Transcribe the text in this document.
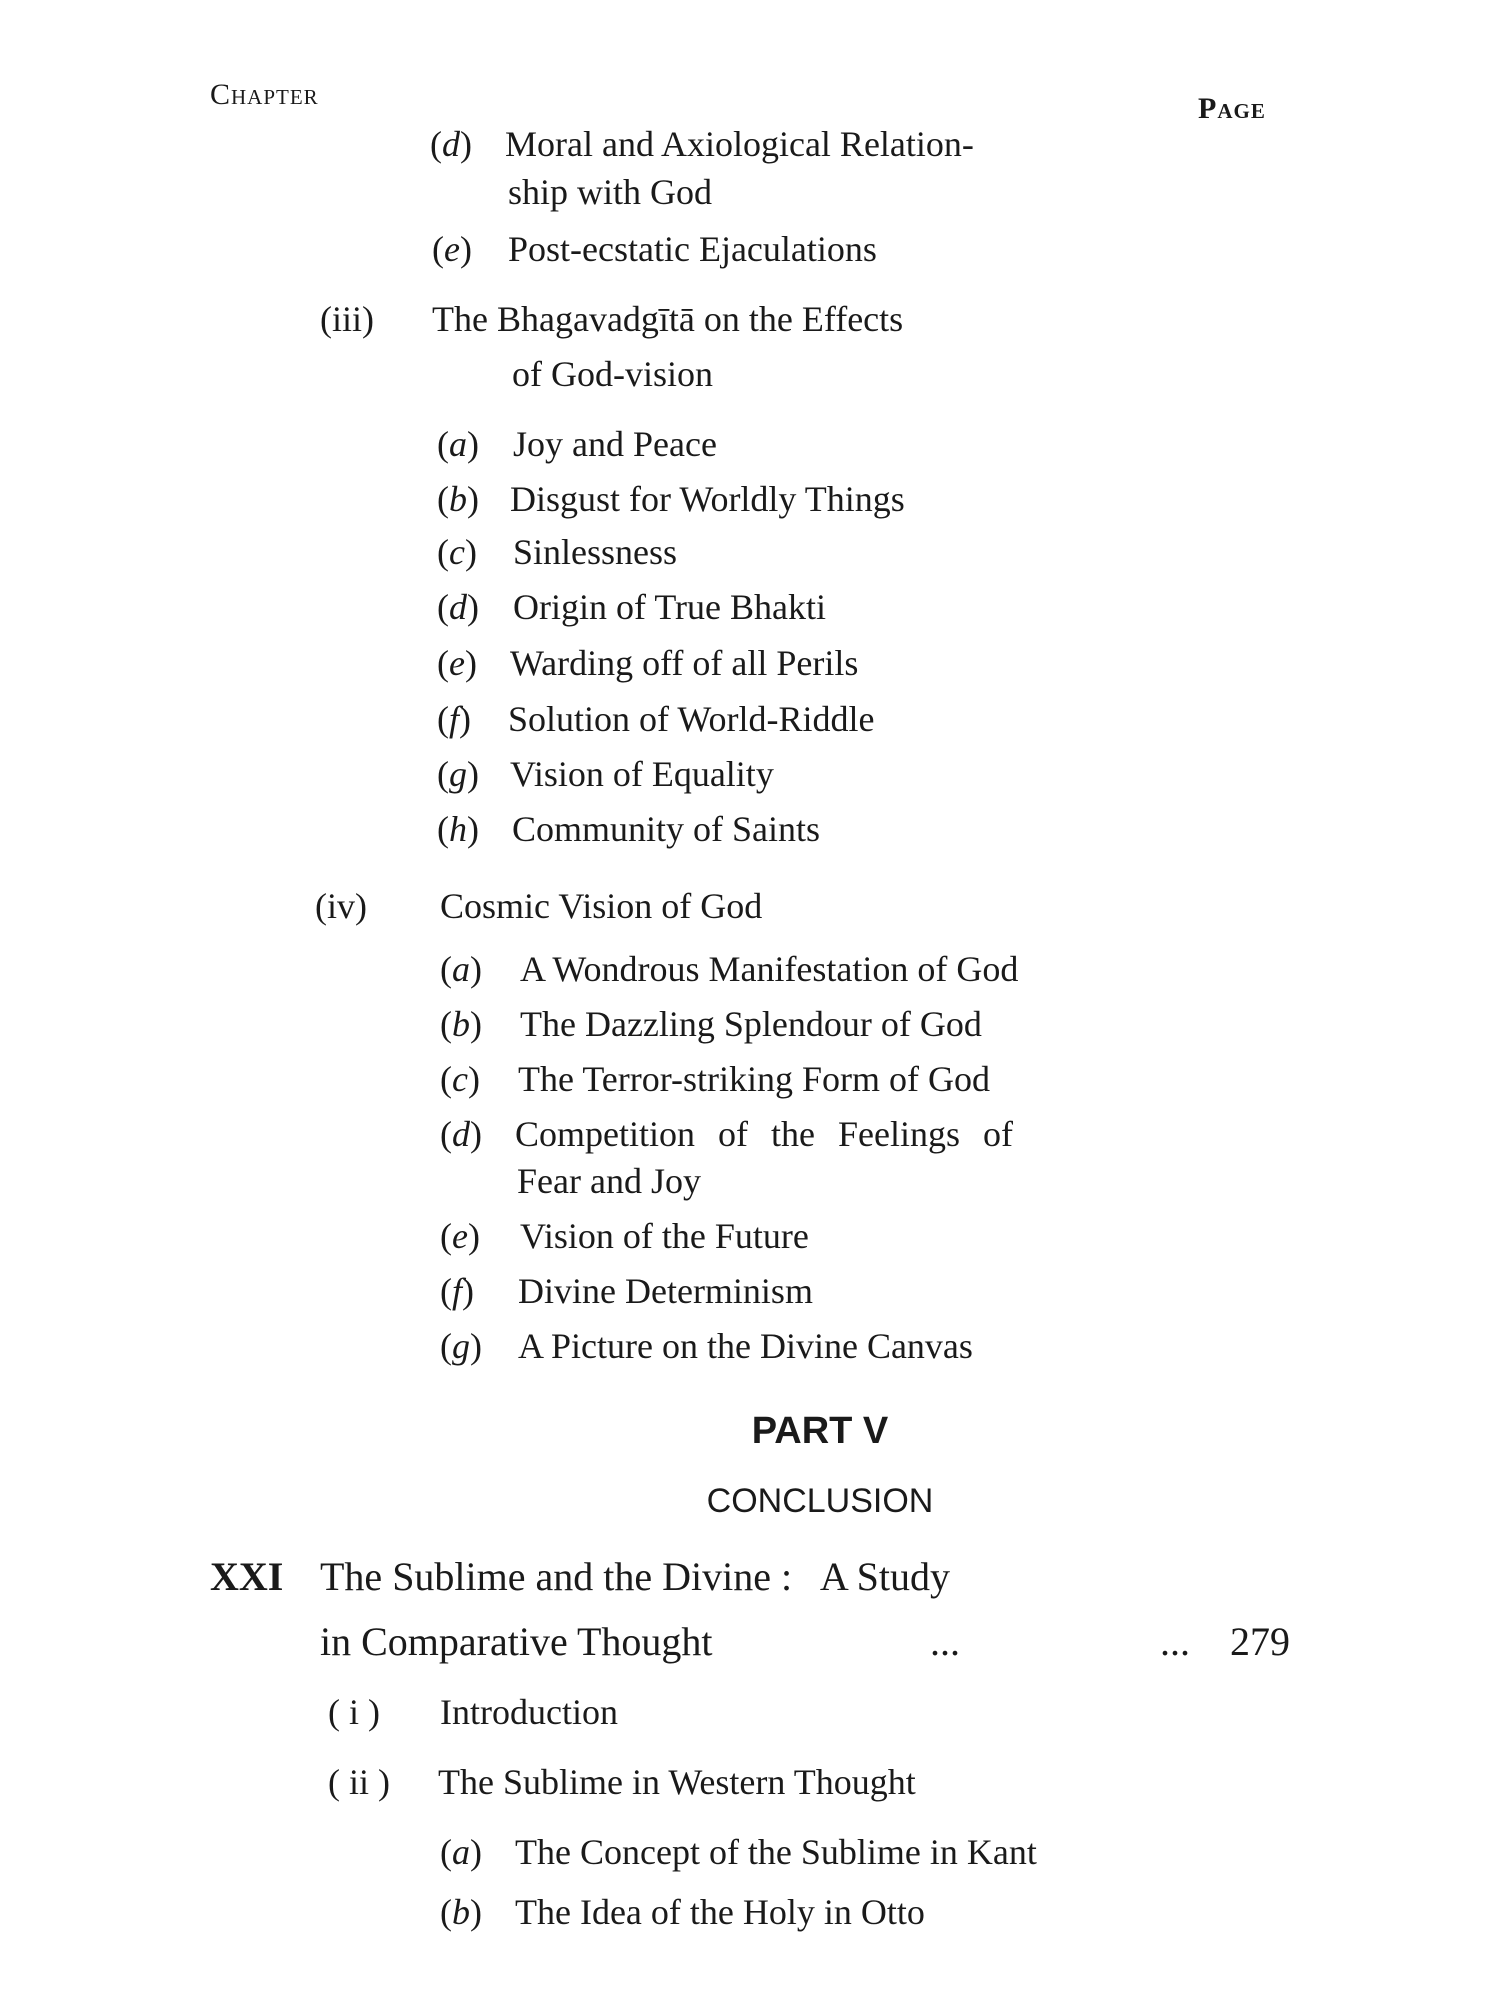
Chapter	Page
(d) Moral and Axiological Relation-
ship with God
(e) Post-ecstatic Ejaculations
(iii) The Bhagavadgītā on the Effects
of God-vision
(a) Joy and Peace
(b) Disgust for Worldly Things
(c) Sinlessness
(d) Origin of True Bhakti
(e) Warding off of all Perils
(f) Solution of World-Riddle
(g) Vision of Equality
(h) Community of Saints
(iv) Cosmic Vision of God
(a) A Wondrous Manifestation of God
(b) The Dazzling Splendour of God
(c) The Terror-striking Form of God
(d) Competition of the Feelings of
Fear and Joy
(e) Vision of the Future
(f) Divine Determinism
(g) A Picture on the Divine Canvas
PART V
CONCLUSION
XXI The Sublime and the Divine :   A Study
in Comparative Thought	...	... 279
( i ) Introduction
( ii ) The Sublime in Western Thought
(a) The Concept of the Sublime in Kant
(b) The Idea of the Holy in Otto
